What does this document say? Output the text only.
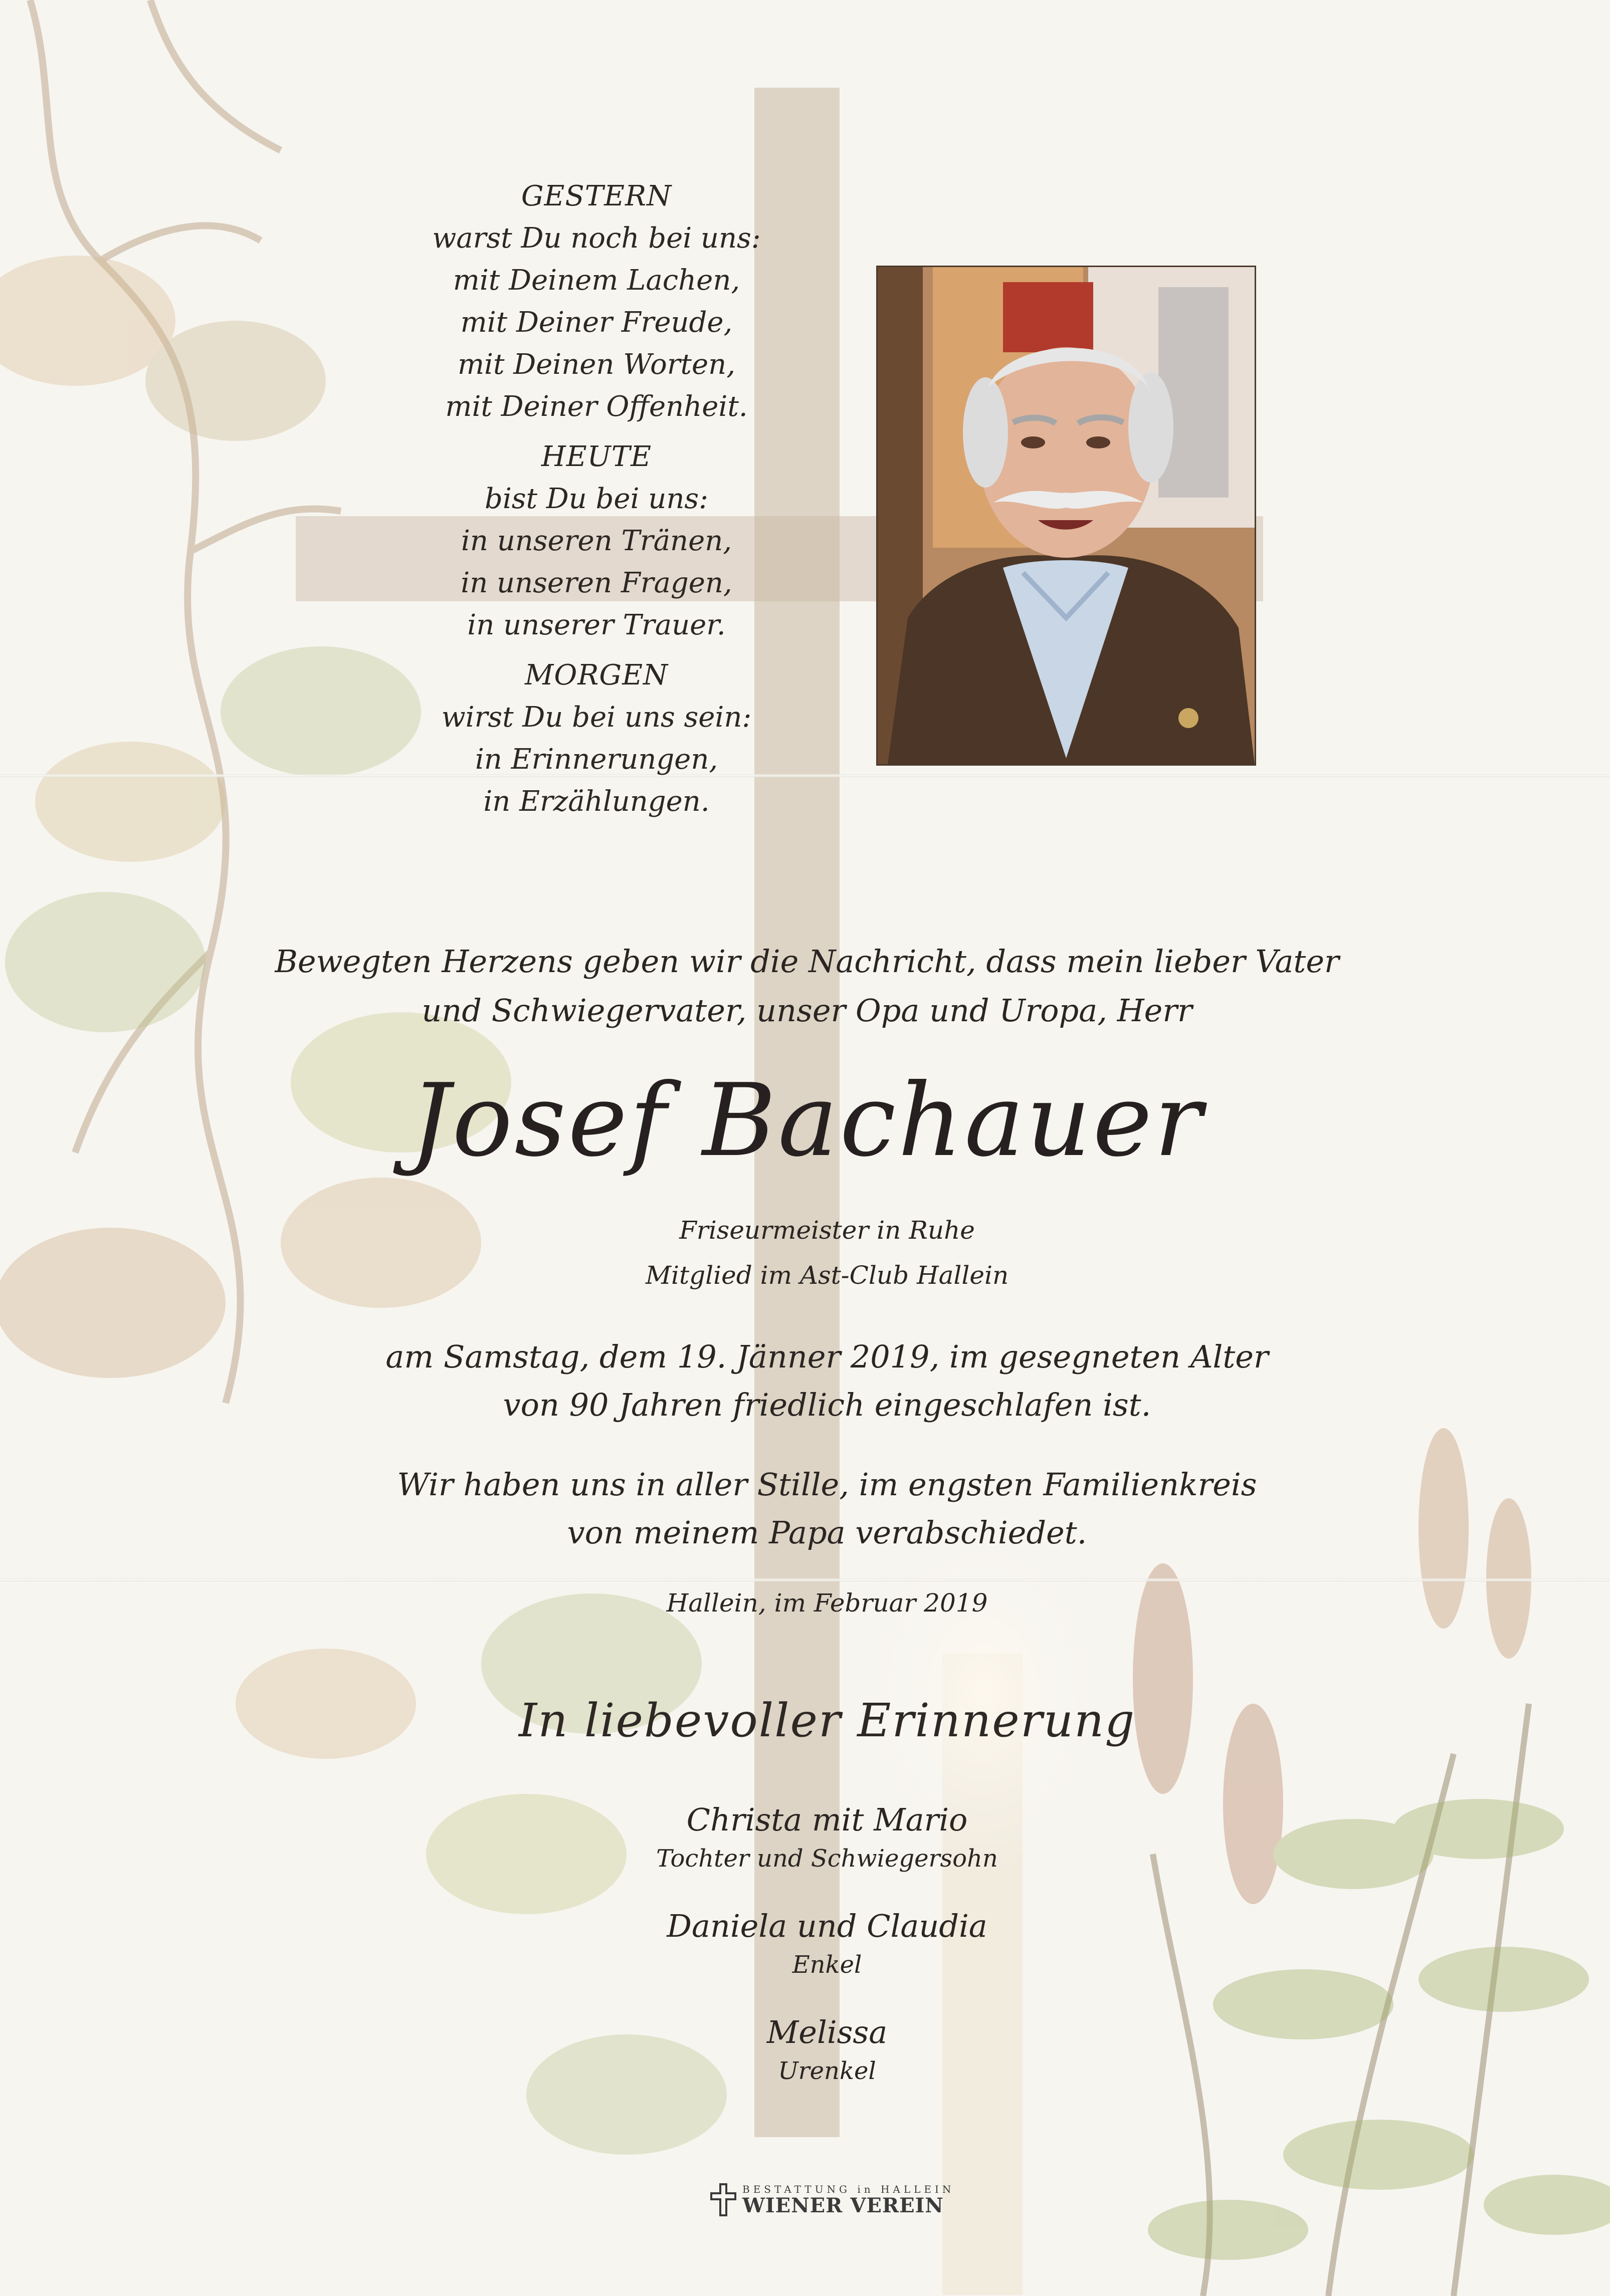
GESTERN
warst Du noch bei uns:
mit Deinem Lachen,
mit Deiner Freude,
mit Deinen Worten,
mit Deiner Offenheit.
HEUTE
bist Du bei uns:
in unseren Tränen,
in unseren Fragen,
in unserer Trauer.
MORGEN
wirst Du bei uns sein:
in Erinnerungen,
in Erzählungen.
Bewegten Herzens geben wir die Nachricht, dass mein lieber Vater
und Schwiegervater, unser Opa und Uropa, Herr
Josef Bachauer
Friseurmeister in Ruhe
Mitglied im Ast-Club Hallein
am Samstag, dem 19. Jänner 2019, im gesegneten Alter
von 90 Jahren friedlich eingeschlafen ist.
Wir haben uns in aller Stille, im engsten Familienkreis
von meinem Papa verabschiedet.
Hallein, im Februar 2019
In liebevoller Erinnerung
Christa mit Mario
Tochter und Schwiegersohn
Daniela und Claudia
Enkel
Melissa
Urenkel
BESTATTUNG in HALLEIN
WIENER VEREIN
